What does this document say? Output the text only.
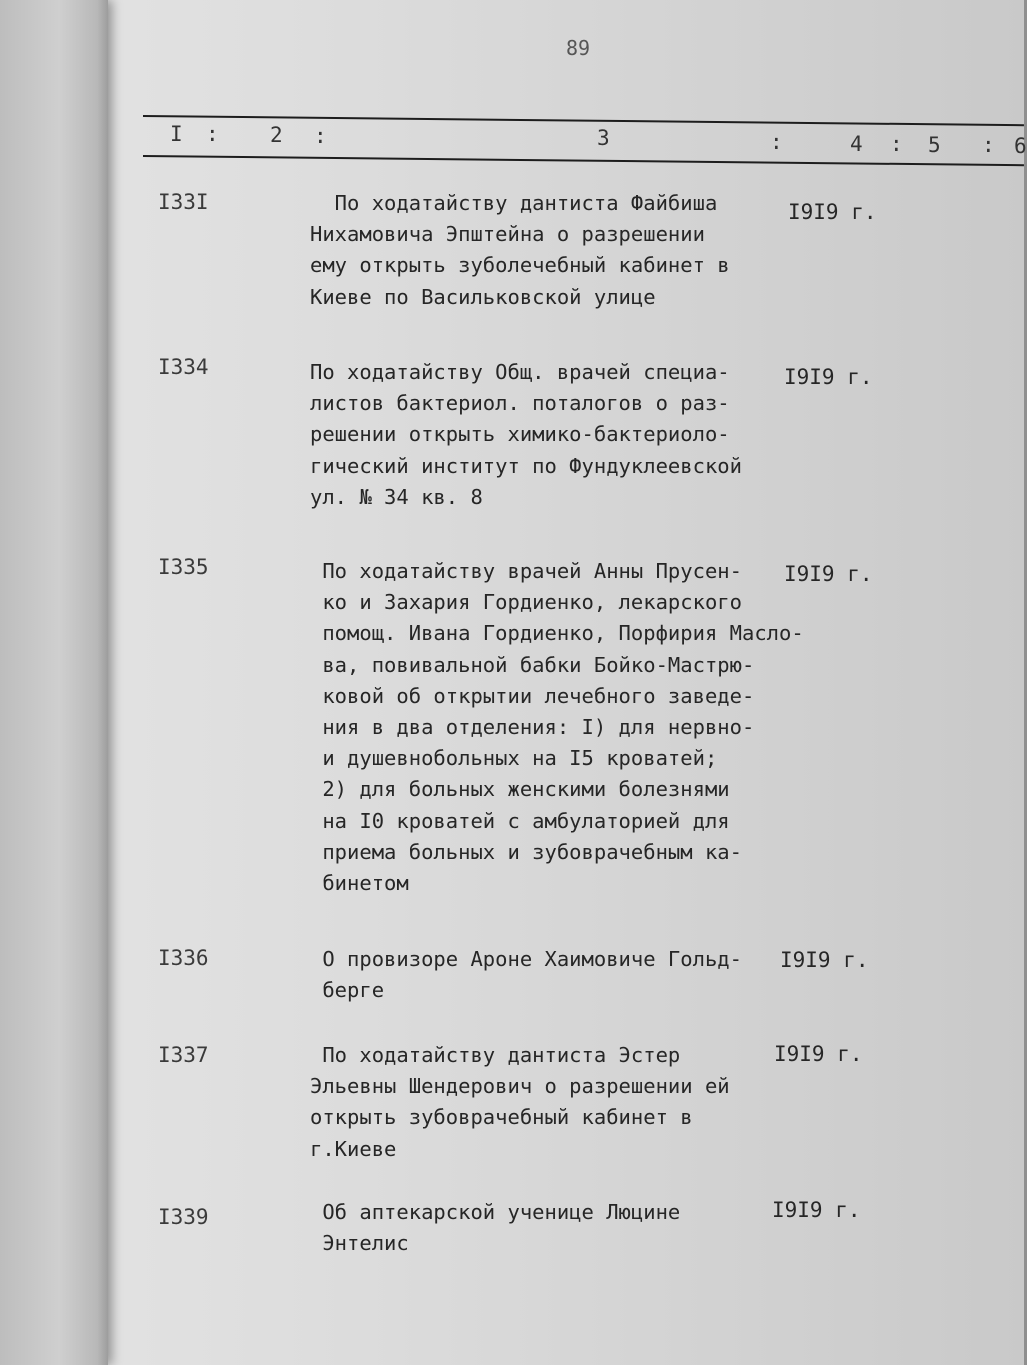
89
I : 2 :	3	:	4 : 5 : 6
I33I	По ходатайству дантиста Файбиша
Нихамовича Эпштейна о разрешении
ему открыть зуболечебный кабинет в
Киеве по Васильковской улице
I9I9 г.
I334	По ходатайству Общ. врачей специа-
листов бактериол. поталогов о раз-
решении открыть химико-бактериоло-
гический институт по Фундуклеевской
ул. № 34 кв. 8
I9I9 г.
I335	По ходатайству врачей Анны Прусен-
ко и Захария Гордиенко, лекарского
помощ. Ивана Гордиенко, Порфирия Масло-
ва, повивальной бабки Бойко-Мастрю-
ковой об открытии лечебного заведе-
ния в два отделения: I) для нервно-
и душевнобольных на I5 кроватей;
2) для больных женскими болезнями
на I0 кроватей с амбулаторией для
приема больных и зубоврачебным ка-
бинетом
I9I9 г.
I336	О провизоре Ароне Хаимовиче Гольд-
берге
I9I9 г.
I337	По ходатайству дантиста Эстер
Эльевны Шендерович о разрешении ей
открыть зубоврачебный кабинет в
г.Киеве
I9I9 г.
I339	Об аптекарской ученице Люцине
Энтелис
I9I9 г.
